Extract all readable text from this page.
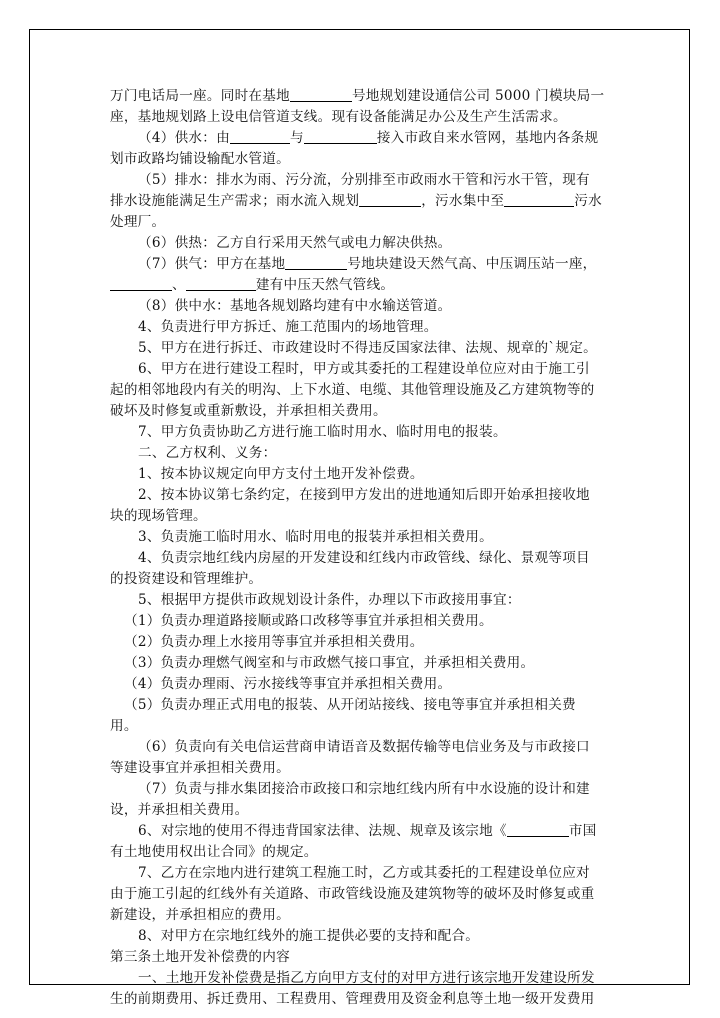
万门电话局一座。同时在基地	号地规划建设通信公司 5000 门模块局一
座，基地规划路上设电信管道支线。现有设备能满足办公及生产生活需求。
（4）供水：由	与	接入市政自来水管网，基地内各条规
划市政路均铺设输配水管道。
（5）排水：排水为雨、污分流，分别排至市政雨水干管和污水干管，现有
排水设施能满足生产需求；雨水流入规划	，污水集中至	污水
处理厂。
（6）供热：乙方自行采用天然气或电力解决供热。
（7）供气：甲方在基地	号地块建设天然气高、中压调压站一座，
、	建有中压天然气管线。
（8）供中水：基地各规划路均建有中水输送管道。
4、负责进行甲方拆迁、施工范围内的场地管理。
5、甲方在进行拆迁、市政建设时不得违反国家法律、法规、规章的`规定。
6、甲方在进行建设工程时，甲方或其委托的工程建设单位应对由于施工引
起的相邻地段内有关的明沟、上下水道、电缆、其他管理设施及乙方建筑物等的
破坏及时修复或重新敷设，并承担相关费用。
7、甲方负责协助乙方进行施工临时用水、临时用电的报装。
二、乙方权利、义务：
1、按本协议规定向甲方支付土地开发补偿费。
2、按本协议第七条约定，在接到甲方发出的进地通知后即开始承担接收地
块的现场管理。
3、负责施工临时用水、临时用电的报装并承担相关费用。
4、负责宗地红线内房屋的开发建设和红线内市政管线、绿化、景观等项目
的投资建设和管理维护。
5、根据甲方提供市政规划设计条件，办理以下市政接用事宜：
（1）负责办理道路接顺或路口改移等事宜并承担相关费用。
（2）负责办理上水接用等事宜并承担相关费用。
（3）负责办理燃气阀室和与市政燃气接口事宜，并承担相关费用。
（4）负责办理雨、污水接线等事宜并承担相关费用。
（5）负责办理正式用电的报装、从开闭站接线、接电等事宜并承担相关费
用。
（6）负责向有关电信运营商申请语音及数据传输等电信业务及与市政接口
等建设事宜并承担相关费用。
（7）负责与排水集团接洽市政接口和宗地红线内所有中水设施的设计和建
设，并承担相关费用。
6、对宗地的使用不得违背国家法律、法规、规章及该宗地《	市国
有土地使用权出让合同》的规定。
7、乙方在宗地内进行建筑工程施工时，乙方或其委托的工程建设单位应对
由于施工引起的红线外有关道路、市政管线设施及建筑物等的破坏及时修复或重
新建设，并承担相应的费用。
8、对甲方在宗地红线外的施工提供必要的支持和配合。
第三条土地开发补偿费的内容
一、土地开发补偿费是指乙方向甲方支付的对甲方进行该宗地开发建设所发
生的前期费用、拆迁费用、工程费用、管理费用及资金利息等土地一级开发费用
